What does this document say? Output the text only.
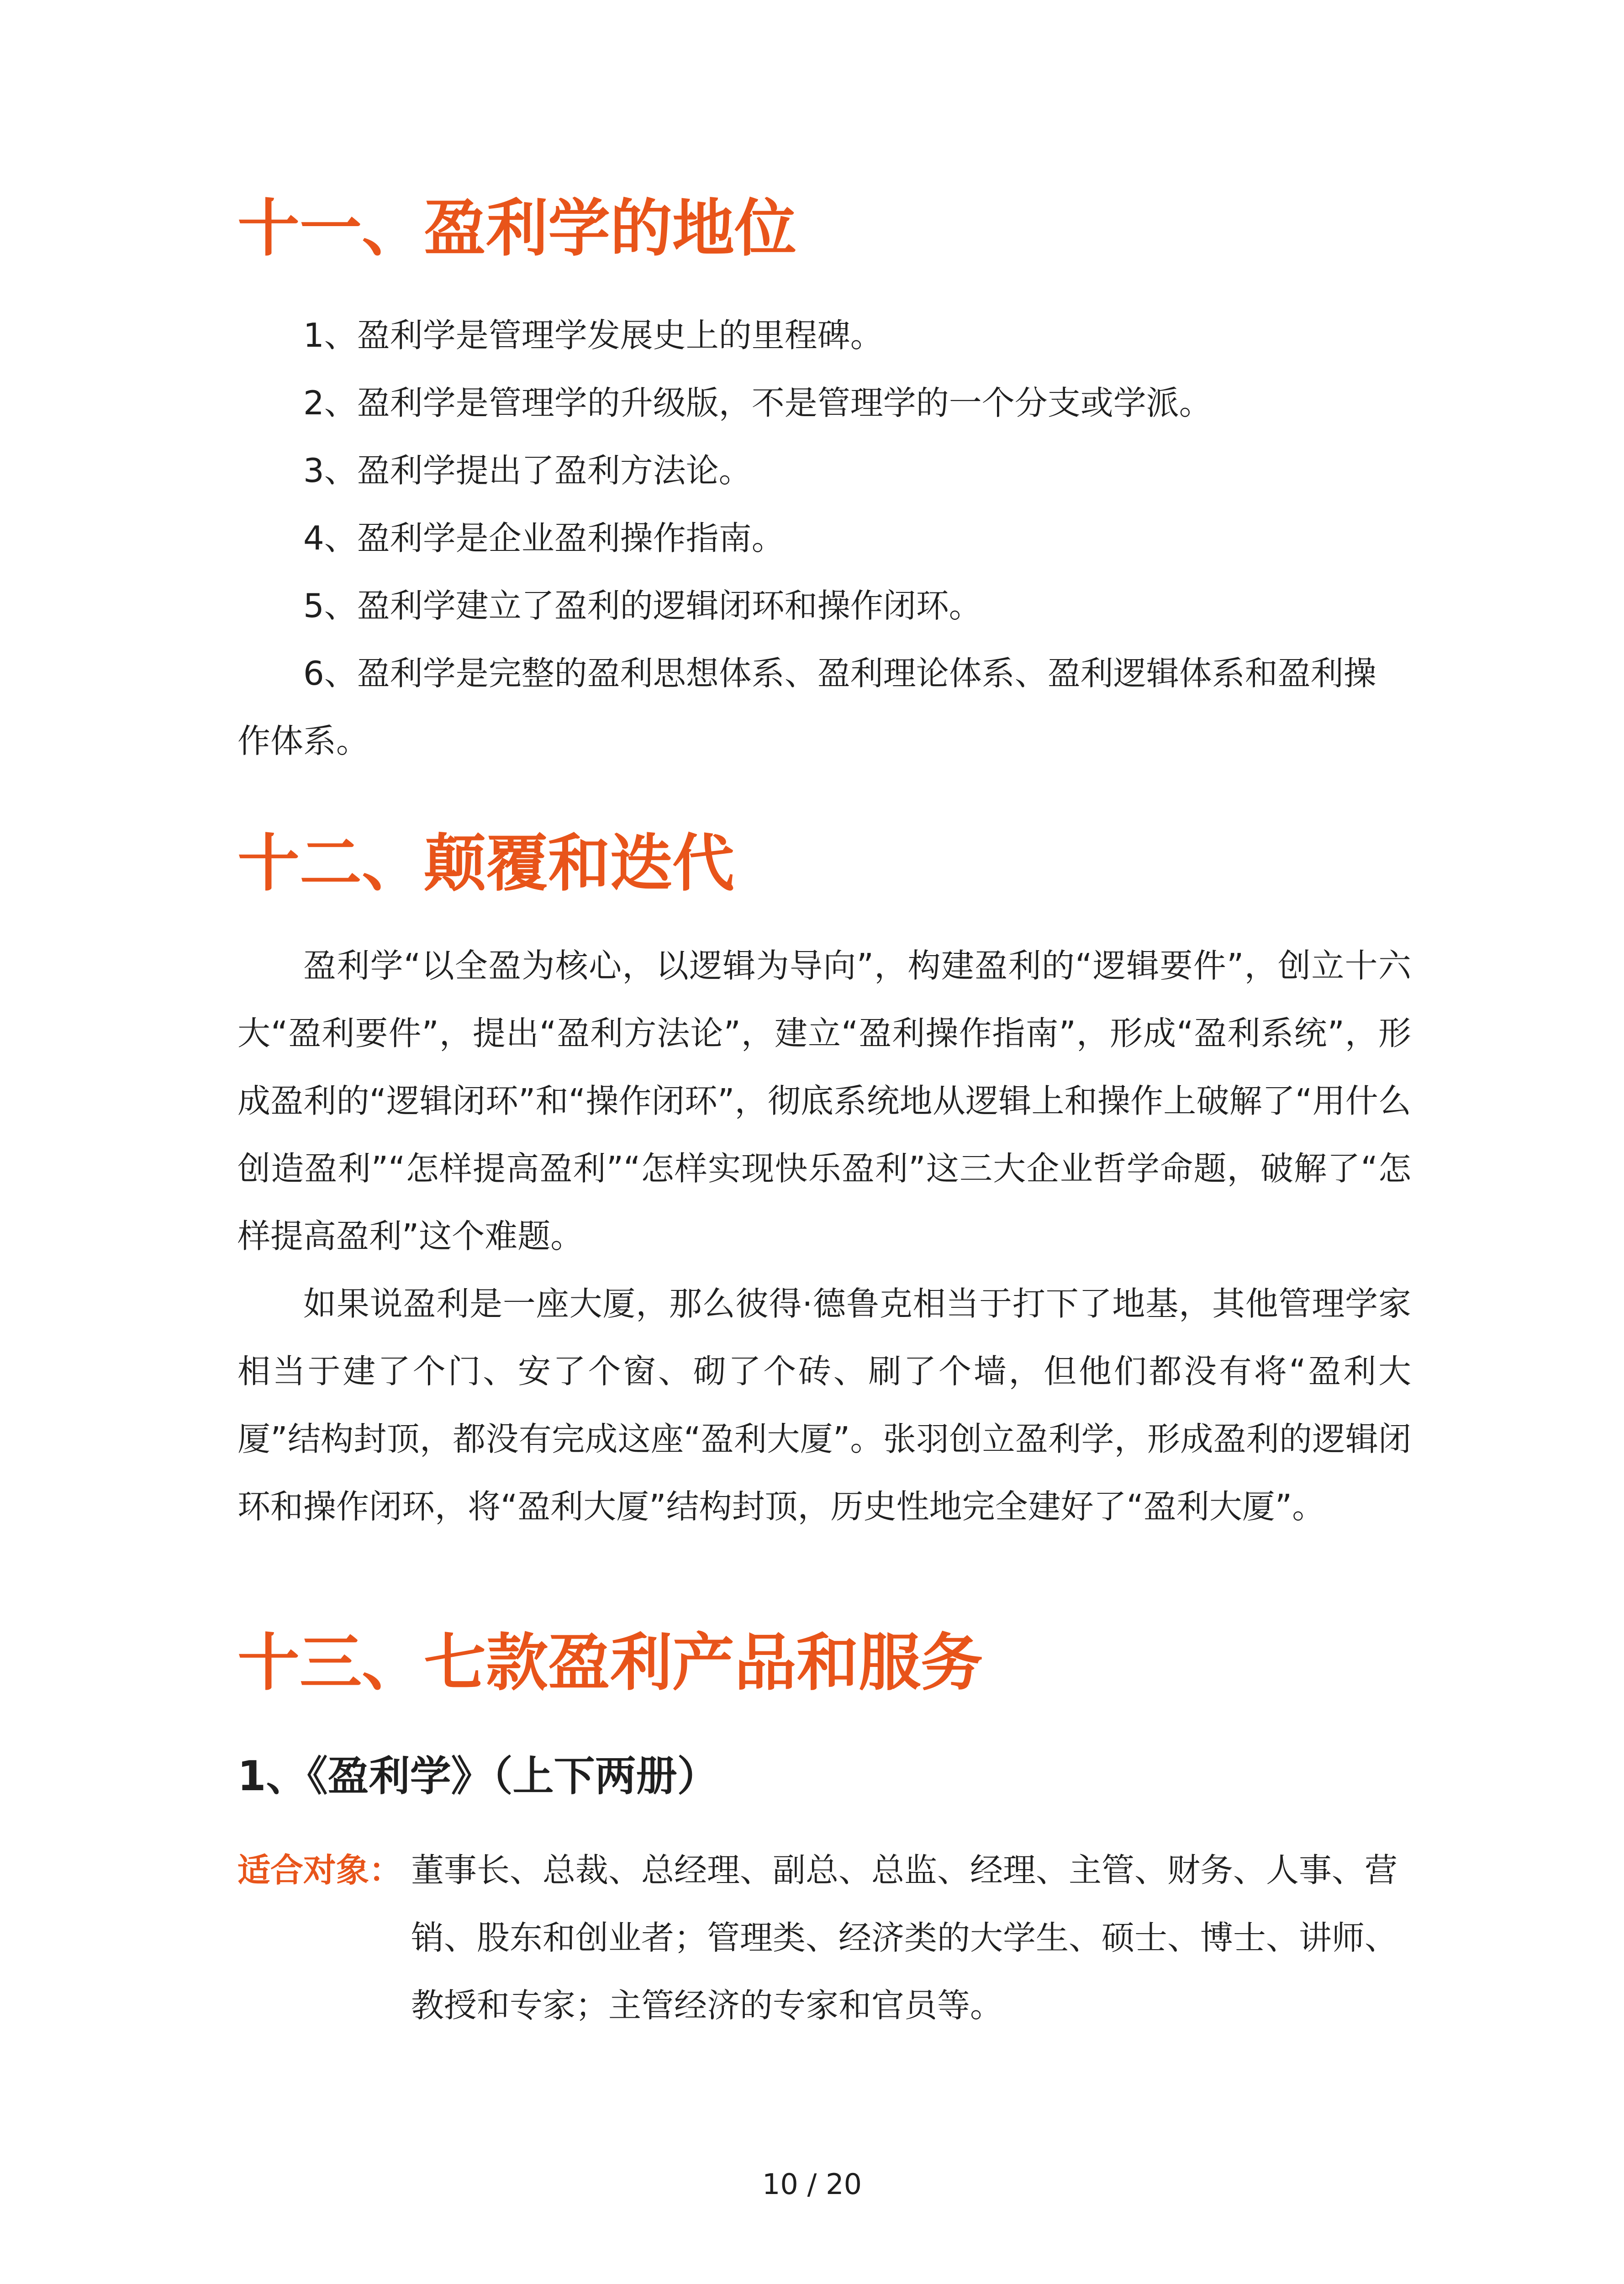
十一、盈利学的地位
1、盈利学是管理学发展史上的里程碑。
2、盈利学是管理学的升级版，不是管理学的一个分支或学派。
3、盈利学提出了盈利方法论。
4、盈利学是企业盈利操作指南。
5、盈利学建立了盈利的逻辑闭环和操作闭环。
6、盈利学是完整的盈利思想体系、盈利理论体系、盈利逻辑体系和盈利操作体系。
十二、颠覆和迭代

盈利学“以全盈为核心，以逻辑为导向”，构建盈利的“逻辑要件”，创立十六大“盈利要件”，提出“盈利方法论”，建立“盈利操作指南”，形成“盈利系统”，形成盈利的“逻辑闭环”和“操作闭环”，彻底系统地从逻辑上和操作上破解了“用什么创造盈利”“怎样提高盈利”“怎样实现快乐盈利”这三大企业哲学命题，破解了“怎样提高盈利”这个难题。

如果说盈利是一座大厦，那么彼得·德鲁克相当于打下了地基，其他管理学家相当于建了个门、安了个窗、砌了个砖、刷了个墙，但他们都没有将“盈利大厦”结构封顶，都没有完成这座“盈利大厦”。张羽创立盈利学，形成盈利的逻辑闭环和操作闭环，将“盈利大厦”结构封顶，历史性地完全建好了“盈利大厦”。

十三、七款盈利产品和服务
1、《盈利学》（上下两册）
适合对象： 董事长、总裁、总经理、副总、总监、经理、主管、财务、人事、营销、股东和创业者；管理类、经济类的大学生、硕士、博士、讲师、教授和专家；主管经济的专家和官员等。
10 / 20
